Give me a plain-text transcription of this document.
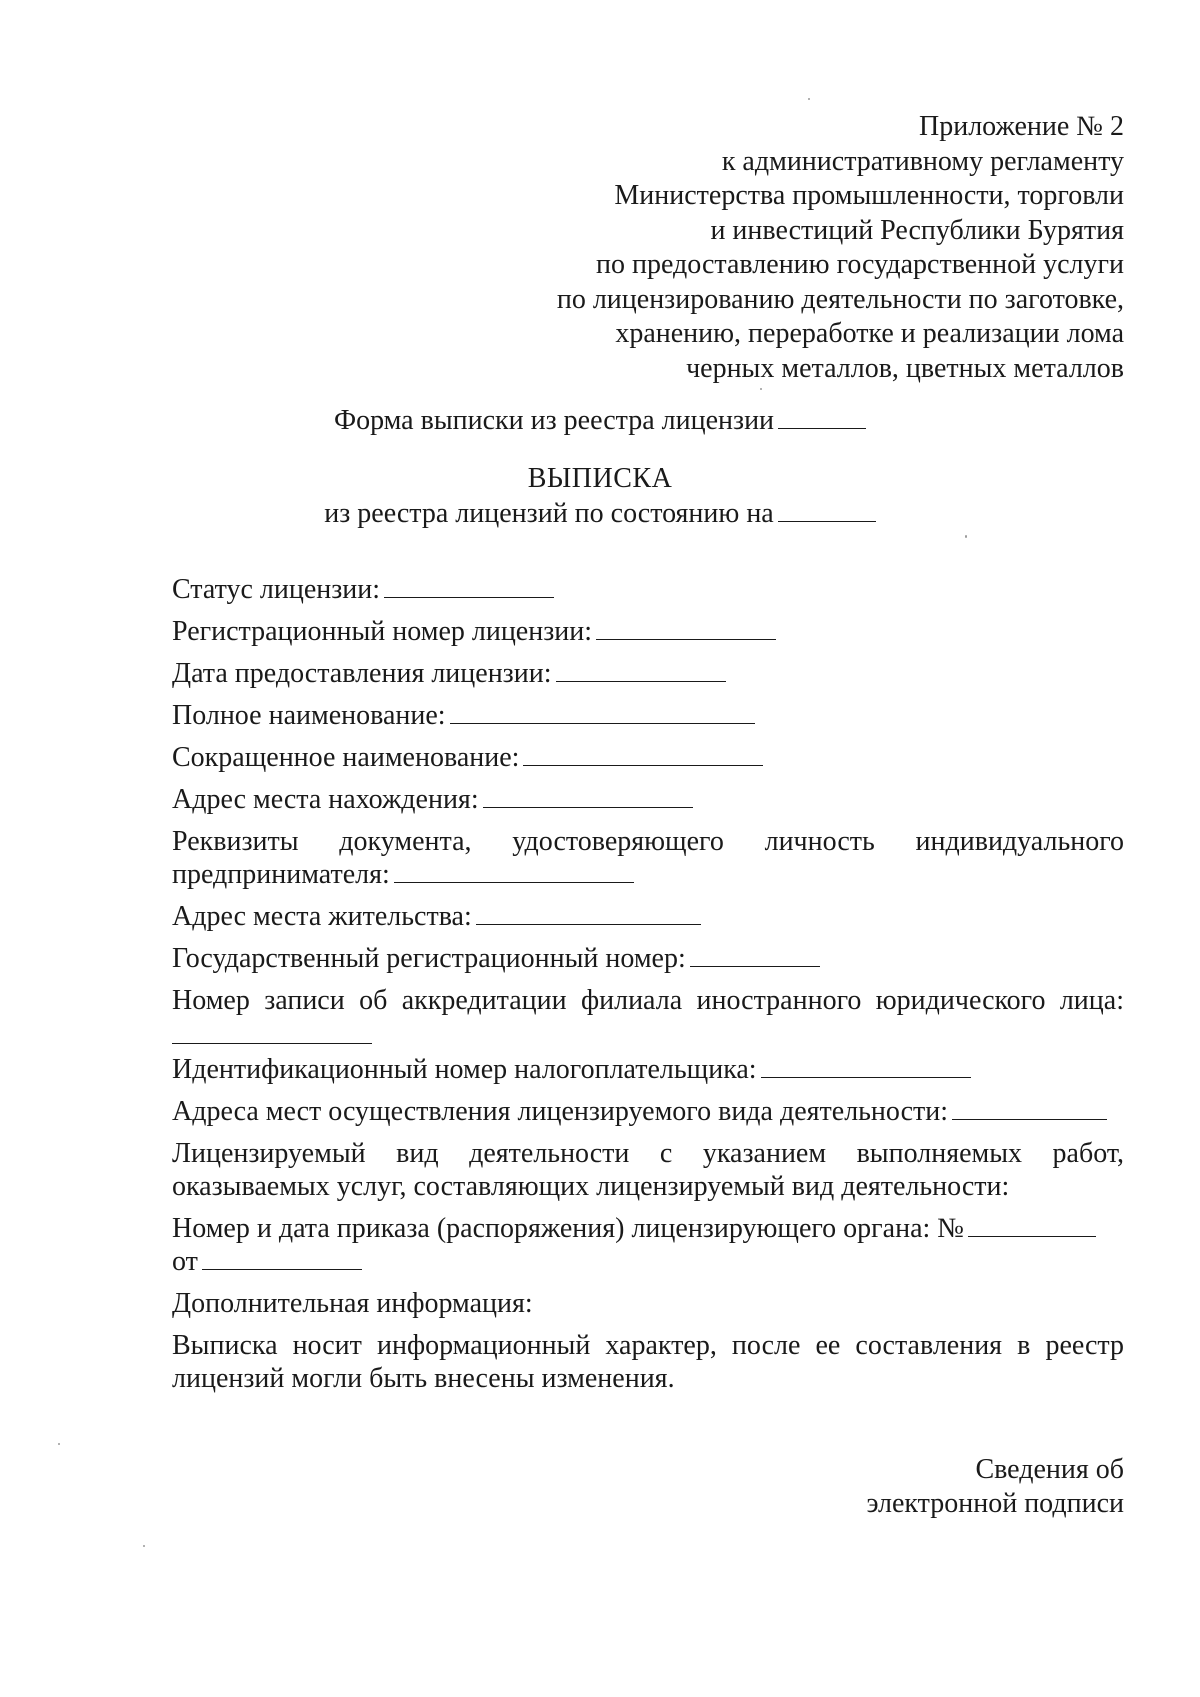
Приложение № 2
к административному регламенту
Министерства промышленности, торговли
и инвестиций Республики Бурятия
по предоставлению государственной услуги
по лицензированию деятельности по заготовке,
хранению, переработке и реализации лома
черных металлов, цветных металлов
Форма выписки из реестра лицензии
ВЫПИСКА
из реестра лицензий по состоянию на
Статус лицензии:
Регистрационный номер лицензии:
Дата предоставления лицензии:
Полное наименование:
Сокращенное наименование:
Адрес места нахождения:
Реквизиты документа, удостоверяющего личность индивидуального
предпринимателя:
Адрес места жительства:
Государственный регистрационный номер:
Номер записи об аккредитации филиала иностранного юридического лица:
Идентификационный номер налогоплательщика:
Адреса мест осуществления лицензируемого вида деятельности:
Лицензируемый вид деятельности с указанием выполняемых работ,
оказываемых услуг, составляющих лицензируемый вид деятельности:
Номер и дата приказа (распоряжения) лицензирующего органа: №
от
Дополнительная информация:
Выписка носит информационный характер, после ее составления в реестр лицензий могли быть внесены изменения.
Сведения об
электронной подписи
